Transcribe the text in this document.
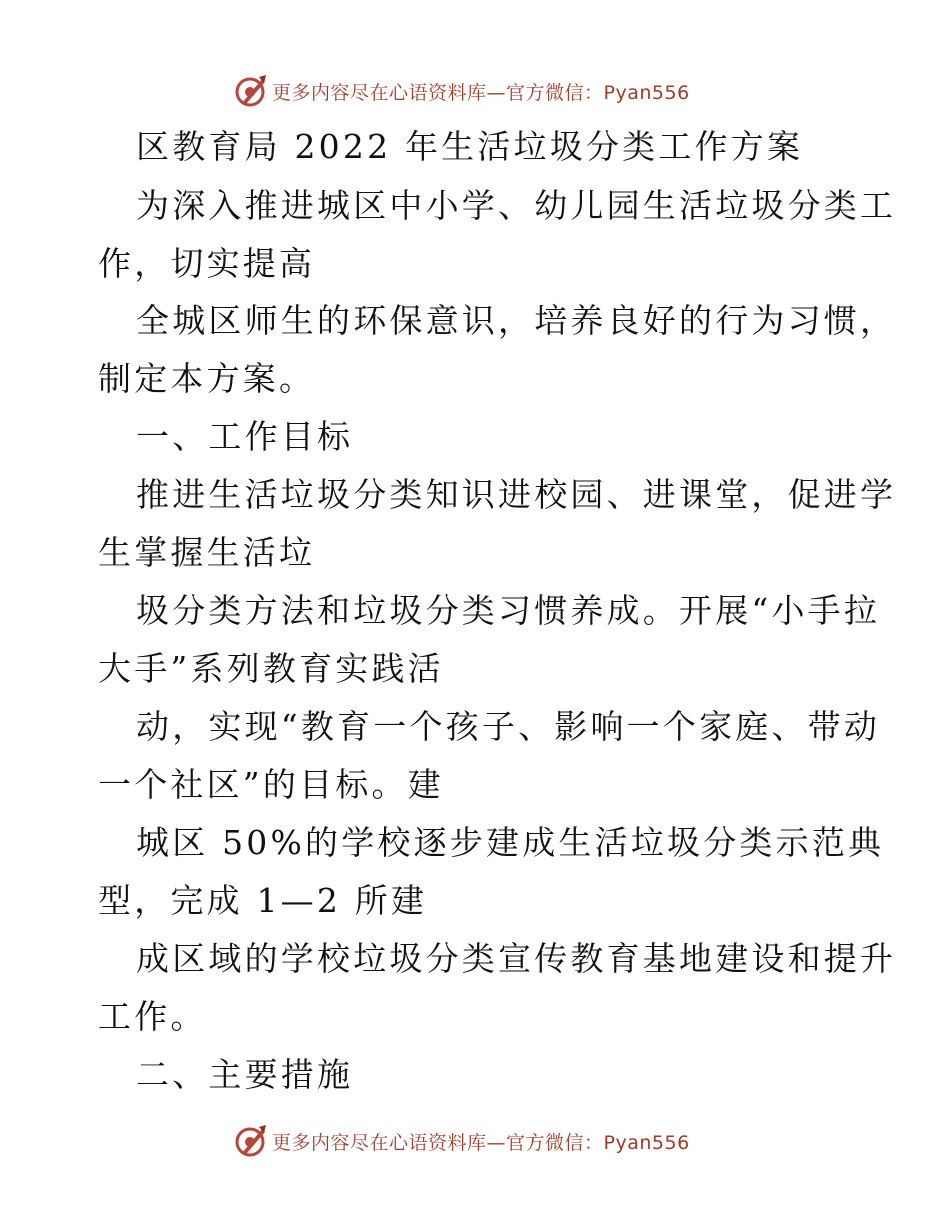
更多内容尽在心语资料库—官方微信：Pyan556
区教育局 2022 年生活垃圾分类工作方案
为深入推进城区中小学、幼儿园生活垃圾分类工
作，切实提高
全城区师生的环保意识，培养良好的行为习惯，
制定本方案。
一、工作目标
推进生活垃圾分类知识进校园、进课堂，促进学
生掌握生活垃
圾分类方法和垃圾分类习惯养成。开展“小手拉
大手”系列教育实践活
动，实现“教育一个孩子、影响一个家庭、带动
一个社区”的目标。建
城区 50%的学校逐步建成生活垃圾分类示范典
型，完成 1—2 所建
成区域的学校垃圾分类宣传教育基地建设和提升
工作。
二、主要措施
更多内容尽在心语资料库—官方微信：Pyan556
